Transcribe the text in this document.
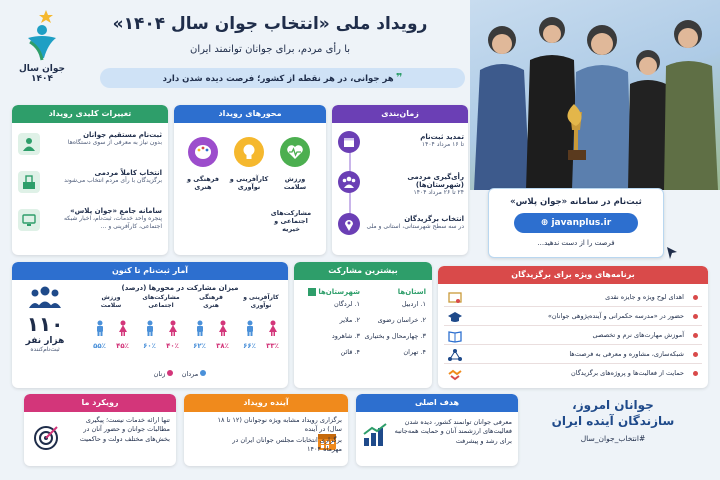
جوان سال
۱۴۰۴
رویداد ملی «انتخاب جوان سال ۱۴۰۴»
با رأی مردم، برای جوانان توانمند ایران
❞ هر جوانی، در هر نقطه از کشور؛ فرصت دیده شدن دارد
تغییرات کلیدی رویداد
ثبت‌نام مستقیم جوانان
بدون نیاز به معرفی از سوی دستگاه‌ها
انتخاب کاملاً مردمی
برگزیدگان با رأی مردم انتخاب می‌شوند
سامانه جامع «جوان پلاس»
پنجره واحد خدمات، ثبت‌نام، اخبار شبکه اجتماعی، کارآفرینی و ...
محورهای رویداد
ورزش
سلامت
کارآفرینی و
نوآوری
فرهنگی و
هنری
مشارکت‌های
اجتماعی و
خیریه
زمان‌بندی
تمدید ثبت‌نام
تا ۱۶ مرداد ۱۴۰۴
رأی‌گیری مردمی (شهرستان‌ها)
۲۴ تا ۲۶ مرداد ۱۴۰۴
انتخاب برگزیدگان
در سه سطح شهرستانی، استانی و ملی
ثبت‌نام در سامانه «جوان پلاس»
⊕ javanplus.ir
فرصت را از دست ندهید...
آمار ثبت‌نام تا کنون
۱۱۰
هزار نفر
ثبت‌نام‌کننده
میزان مشارکت در محورها (درصد)
کارآفرینی و
نوآوری
۳۳٪
۶۶٪
فرهنگی
هنری
۳۸٪
۶۲٪
مشارکت‌های
اجتماعی
۴۰٪
۶۰٪
ورزش
سلامت
۴۵٪
۵۵٪
مردان     زنان
بیشترین مشارکت
استان‌ها
۱. اردبیل
۲. خراسان رضوی
۳. چهارمحال و بختیاری
۴. تهران
شهرستان‌ها
۱. لردگان
۲. ملایر
۳. شاهرود
۴. قائن
برنامه‌های ویژه برای برگزیدگان
اهدای لوح ویژه و جایزه نقدی
حضور در «مدرسه حکمرانی و آینده‌پژوهی جوانان»
آموزش مهارت‌های نرم و تخصصی
شبکه‌سازی، مشاوره و معرفی به فرصت‌ها
حمایت از فعالیت‌ها و پروژه‌های برگزیدگان
رویکرد ما
تنها ارائه خدمات نیست؛ پیگیری مطالبات جوانان و حضور آنان در بخش‌های مختلف دولت و حاکمیت
آینده رویداد
برگزاری رویداد مشابه ویژه نوجوانان (۱۲ تا ۱۸ سال) در آینده
برگزاری انتخابات مجلس جوانان ایران در مهرماه ۱۴۰۴
هدف اصلی
معرفی جوانان توانمند کشور، دیده شدن فعالیت‌های ارزشمند آنان و حمایت همه‌جانبه برای رشد و پیشرفت
جوانان امروز،
سازندگان آینده ایران
#انتخاب_جوان_سال
